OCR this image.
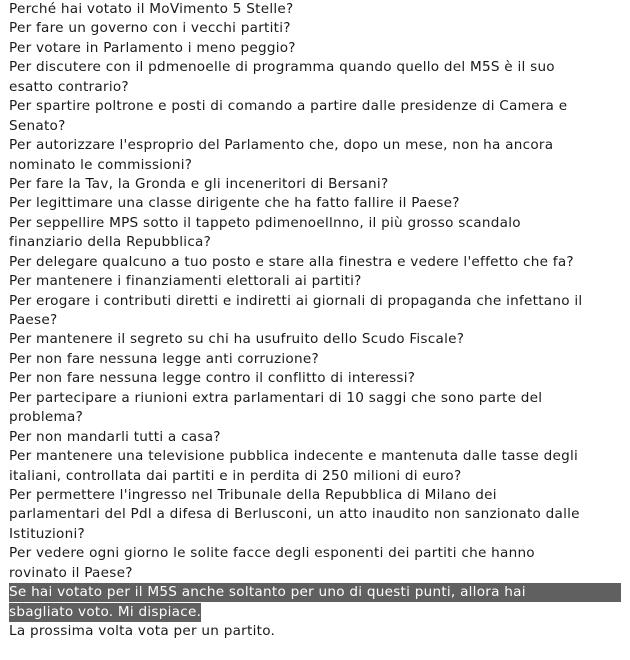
Perché hai votato il MoVimento 5 Stelle?
Per fare un governo con i vecchi partiti?
Per votare in Parlamento i meno peggio?
Per discutere con il pdmenoelle di programma quando quello del M5S è il suo
esatto contrario?
Per spartire poltrone e posti di comando a partire dalle presidenze di Camera e
Senato?
Per autorizzare l'esproprio del Parlamento che, dopo un mese, non ha ancora
nominato le commissioni?
Per fare la Tav, la Gronda e gli inceneritori di Bersani?
Per legittimare una classe dirigente che ha fatto fallire il Paese?
Per seppellire MPS sotto il tappeto pdimenoellnno, il più grosso scandalo
finanziario della Repubblica?
Per delegare qualcuno a tuo posto e stare alla finestra e vedere l'effetto che fa?
Per mantenere i finanziamenti elettorali ai partiti?
Per erogare i contributi diretti e indiretti ai giornali di propaganda che infettano il
Paese?
Per mantenere il segreto su chi ha usufruito dello Scudo Fiscale?
Per non fare nessuna legge anti corruzione?
Per non fare nessuna legge contro il conflitto di interessi?
Per partecipare a riunioni extra parlamentari di 10 saggi che sono parte del
problema?
Per non mandarli tutti a casa?
Per mantenere una televisione pubblica indecente e mantenuta dalle tasse degli
italiani, controllata dai partiti e in perdita di 250 milioni di euro?
Per permettere l'ingresso nel Tribunale della Repubblica di Milano dei
parlamentari del Pdl a difesa di Berlusconi, un atto inaudito non sanzionato dalle
Istituzioni?
Per vedere ogni giorno le solite facce degli esponenti dei partiti che hanno
rovinato il Paese?
Se hai votato per il M5S anche soltanto per uno di questi punti, allora hai
sbagliato voto. Mi dispiace.
La prossima volta vota per un partito.
